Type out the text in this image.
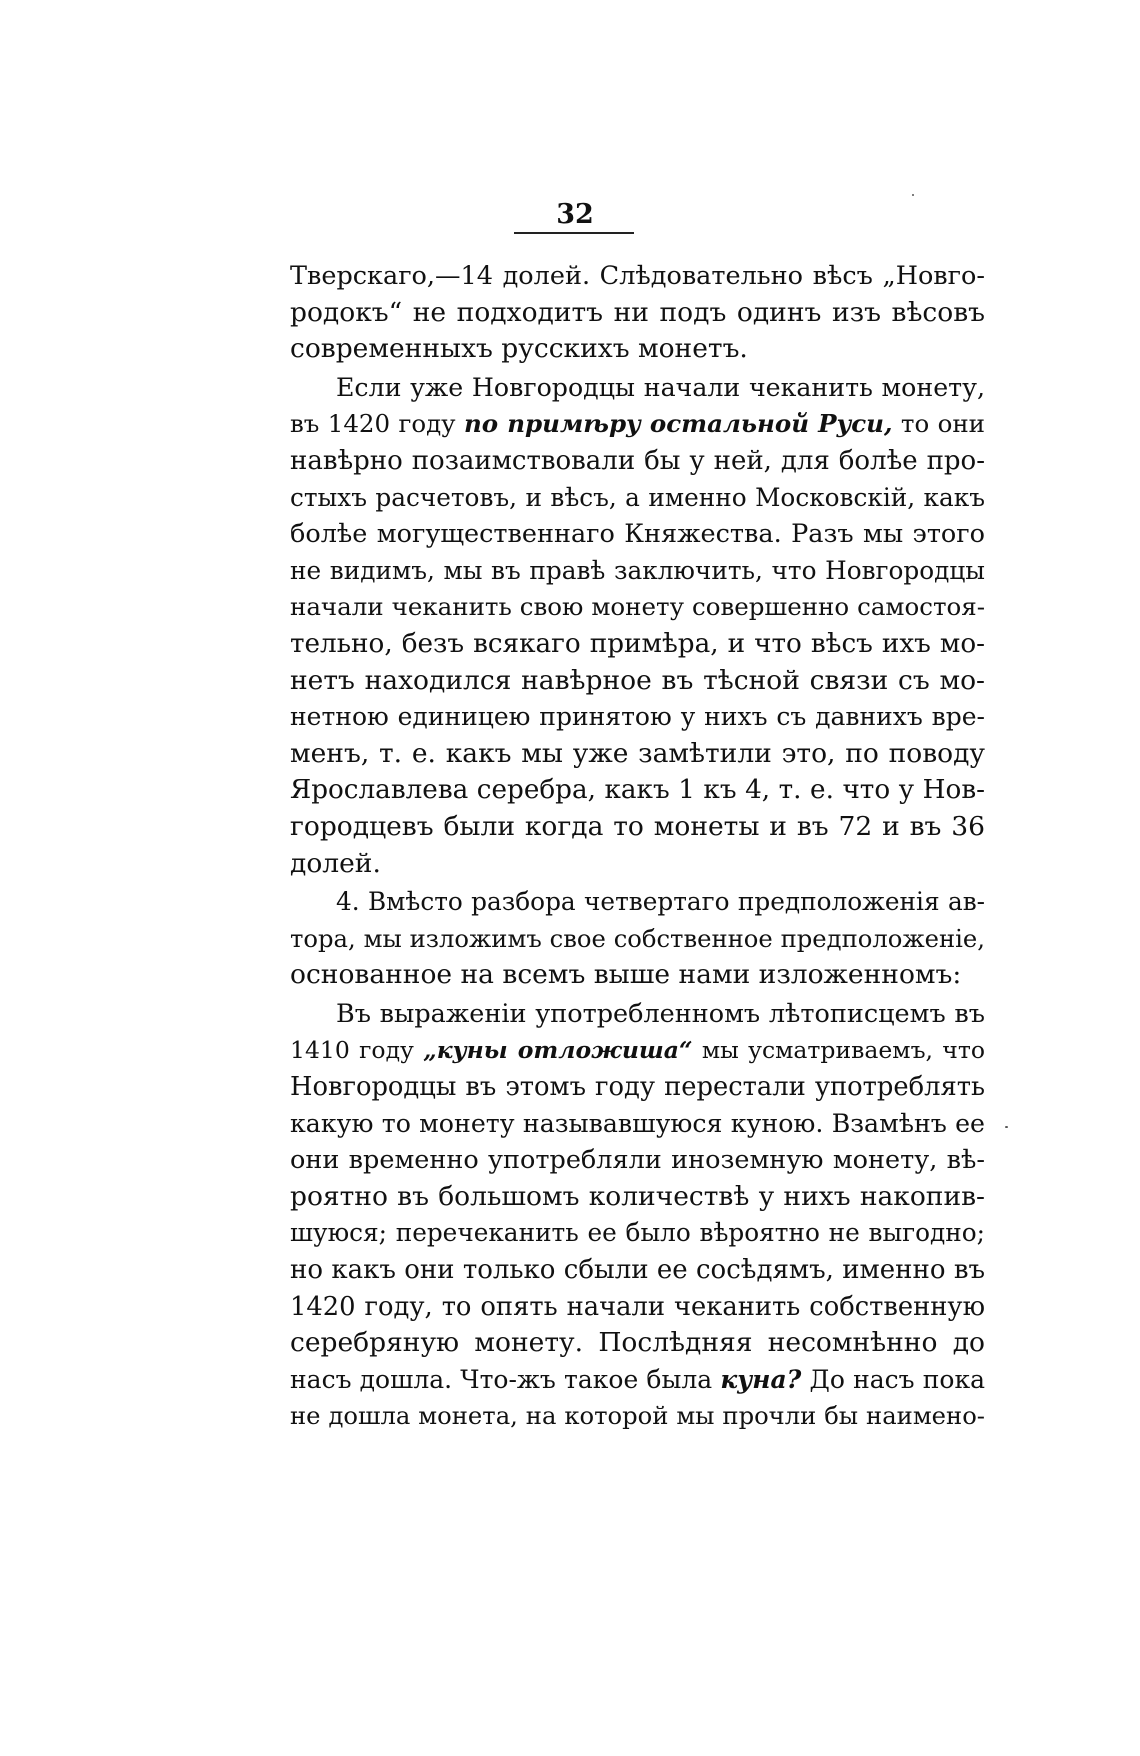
32
Тверскаго,—14 долей. Слѣдовательно вѣсъ „Новго-
родокъ“ не подходитъ ни подъ одинъ изъ вѣсовъ
современныхъ русскихъ монетъ.
Если уже Новгородцы начали чеканить монету,
въ 1420 году по примѣру остальной Руси, то они
навѣрно позаимствовали бы у ней, для болѣе про-
стыхъ расчетовъ, и вѣсъ, а именно Московскій, какъ
болѣе могущественнаго Княжества. Разъ мы этого
не видимъ, мы въ правѣ заключить, что Новгородцы
начали чеканить свою монету совершенно самостоя-
тельно, безъ всякаго примѣра, и что вѣсъ ихъ мо-
нетъ находился навѣрное въ тѣсной связи съ мо-
нетною единицею принятою у нихъ съ давнихъ вре-
менъ, т. е. какъ мы уже замѣтили это, по поводу
Ярославлева серебра, какъ 1 къ 4, т. е. что у Нов-
городцевъ были когда то монеты и въ 72 и въ 36
долей.
4. Вмѣсто разбора четвертаго предположенія ав-
тора, мы изложимъ свое собственное предположеніе,
основанное на всемъ выше нами изложенномъ:
Въ выраженіи употребленномъ лѣтописцемъ въ
1410 году „куны отложиша“ мы усматриваемъ, что
Новгородцы въ этомъ году перестали употреблять
какую то монету называвшуюся куною. Взамѣнъ ее
они временно употребляли иноземную монету, вѣ-
роятно въ большомъ количествѣ у нихъ накопив-
шуюся; перечеканить ее было вѣроятно не выгодно;
но какъ они только сбыли ее сосѣдямъ, именно въ
1420 году, то опять начали чеканить собственную
серебряную монету. Послѣдняя несомнѣнно до
насъ дошла. Что-жъ такое была куна? До насъ пока
не дошла монета, на которой мы прочли бы наимено-
